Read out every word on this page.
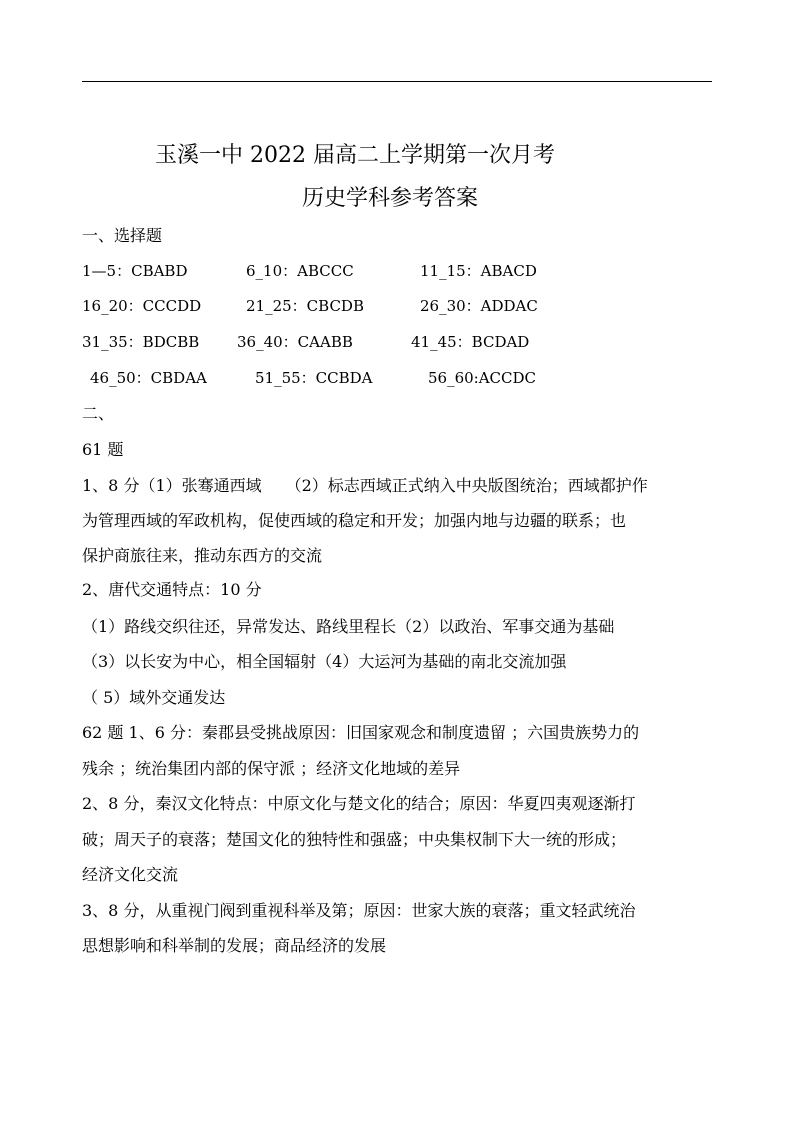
玉溪一中 2022 届高二上学期第一次月考
历史学科参考答案
一、选择题
1—5：CBABD	6_10：ABCCC	11_15：ABACD
16_20：CCCDD	21_25：CBCDB	26_30：ADDAC
31_35：BDCBB	36_40：CAABB	41_45：BCDAD
46_50：CBDAA	51_55：CCBDA	56_60:ACCDC
二、
61 题
1、8 分（1）张骞通西域　　（2）标志西域正式纳入中央版图统治；西域都护作
为管理西域的军政机构，促使西域的稳定和开发；加强内地与边疆的联系；也
保护商旅往来，推动东西方的交流
2、唐代交通特点：10 分
（1）路线交织往还，异常发达、路线里程长（2）以政治、军事交通为基础
（3）以长安为中心，相全国辐射（4）大运河为基础的南北交流加强
（ 5）域外交通发达
62 题 1、6 分：秦郡县受挑战原因：旧国家观念和制度遗留 ；六国贵族势力的
残余 ；统治集团内部的保守派 ；经济文化地域的差异
2、8 分，秦汉文化特点：中原文化与楚文化的结合；原因：华夏四夷观逐渐打
破；周天子的衰落；楚国文化的独特性和强盛；中央集权制下大一统的形成；
经济文化交流
3、8 分，从重视门阀到重视科举及第；原因：世家大族的衰落；重文轻武统治
思想影响和科举制的发展；商品经济的发展
